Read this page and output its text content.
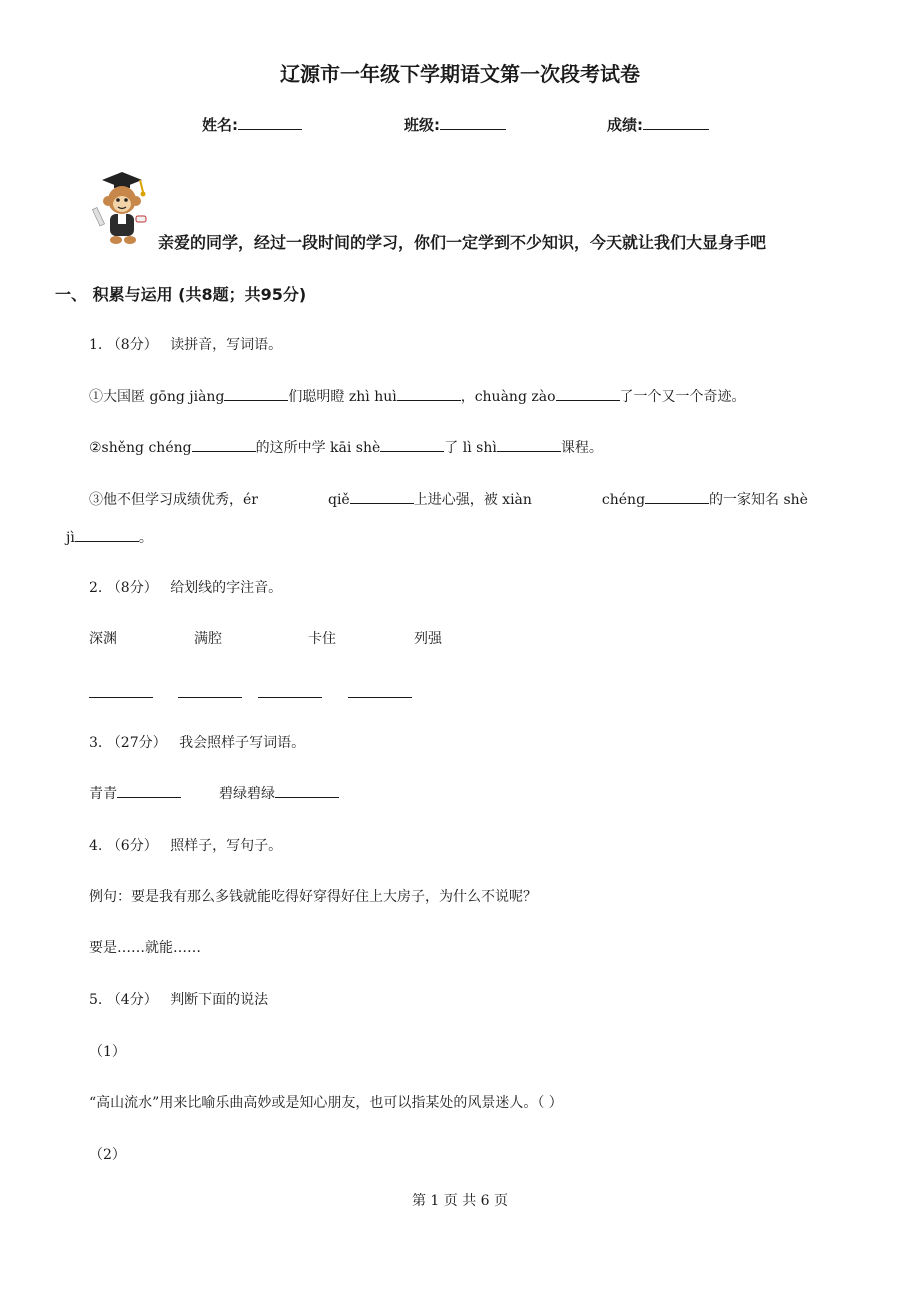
辽源市一年级下学期语文第一次段考试卷
姓名:	班级:	成绩:
亲爱的同学，经过一段时间的学习，你们一定学到不少知识，今天就让我们大显身手吧
一、 积累与运用 (共8题；共95分)
1. （8分） 读拼音，写词语。
①大国匿 gōng jiàng	们聪明瞪 zhì huì	，chuàng zào	了一个又一个奇迹。
②shěng chéng	的这所中学 kāi shè	了 lì shì	课程。
③他不但学习成绩优秀，ér	qiě	上进心强，被 xiàn	chéng	的一家知名 shè
jì	。
2. （8分） 给划线的字注音。
深渊	满腔	卡住	列强
3. （27分） 我会照样子写词语。
青青	碧绿碧绿
4. （6分） 照样子，写句子。
例句：要是我有那么多钱就能吃得好穿得好住上大房子，为什么不说呢？
要是……就能……
5. （4分） 判断下面的说法
（1）
“高山流水”用来比喻乐曲高妙或是知心朋友，也可以指某处的风景迷人。（ ）
（2）
第 1 页 共 6 页
